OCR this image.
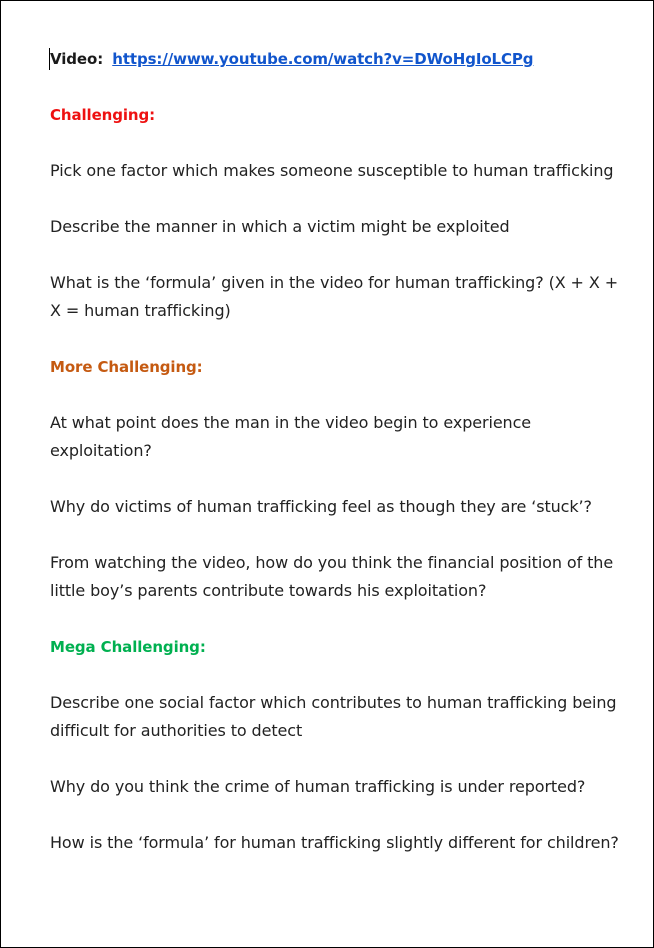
Video: https://www.youtube.com/watch?v=DWoHgIoLCPg
Challenging:
Pick one factor which makes someone susceptible to human trafficking
Describe the manner in which a victim might be exploited
What is the ‘formula’ given in the video for human trafficking? (X + X + X = human trafficking)
More Challenging:
At what point does the man in the video begin to experience exploitation?
Why do victims of human trafficking feel as though they are ‘stuck’?
From watching the video, how do you think the financial position of the little boy’s parents contribute towards his exploitation?
Mega Challenging:
Describe one social factor which contributes to human trafficking being difficult for authorities to detect
Why do you think the crime of human trafficking is under reported?
How is the ‘formula’ for human trafficking slightly different for children?
